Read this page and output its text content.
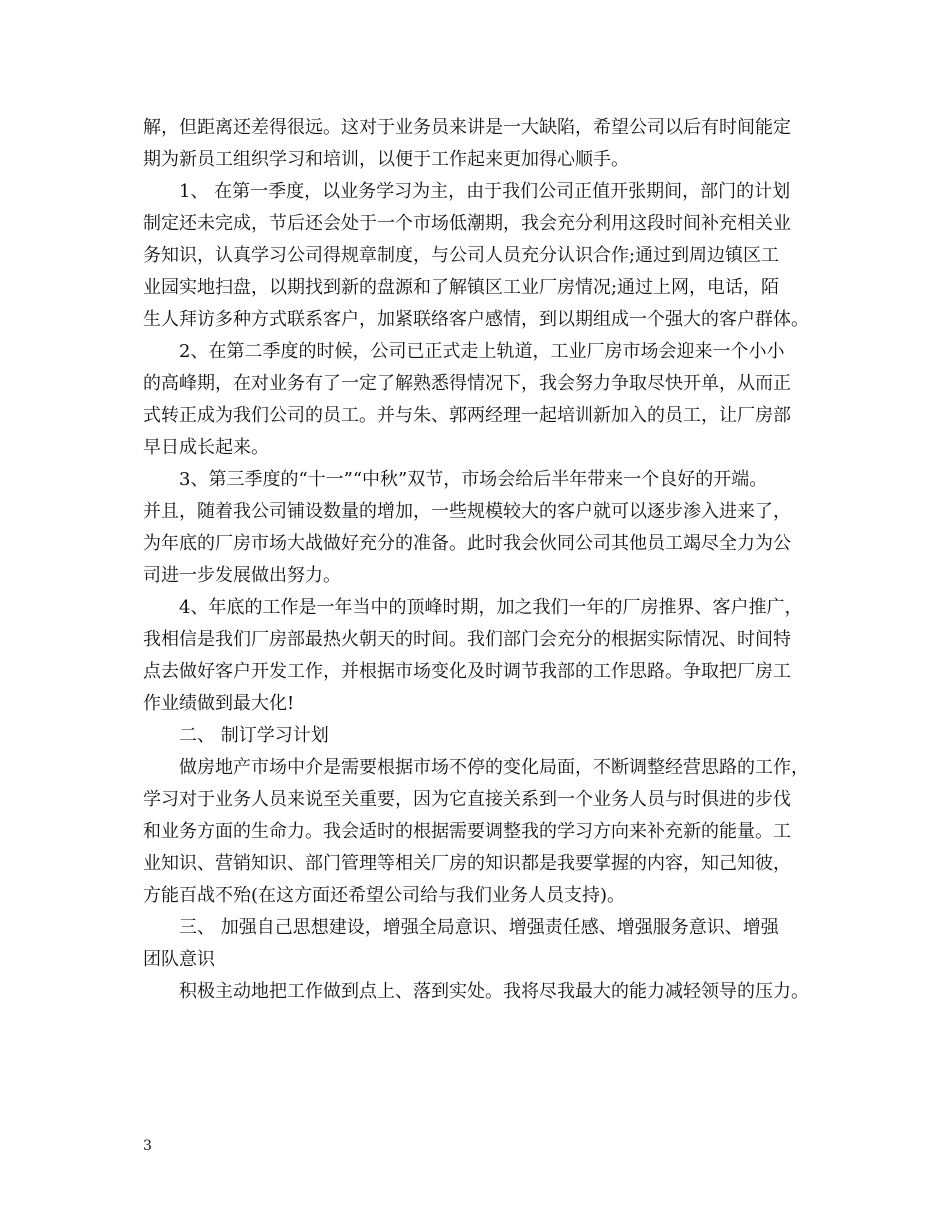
解，但距离还差得很远。这对于业务员来讲是一大缺陷，希望公司以后有时间能定
期为新员工组织学习和培训，以便于工作起来更加得心顺手。
1、 在第一季度，以业务学习为主，由于我们公司正值开张期间，部门的计划
制定还未完成，节后还会处于一个市场低潮期，我会充分利用这段时间补充相关业
务知识，认真学习公司得规章制度，与公司人员充分认识合作;通过到周边镇区工
业园实地扫盘，以期找到新的盘源和了解镇区工业厂房情况;通过上网，电话，陌
生人拜访多种方式联系客户，加紧联络客户感情，到以期组成一个强大的客户群体。
2、在第二季度的时候，公司已正式走上轨道，工业厂房市场会迎来一个小小
的高峰期，在对业务有了一定了解熟悉得情况下，我会努力争取尽快开单，从而正
式转正成为我们公司的员工。并与朱、郭两经理一起培训新加入的员工，让厂房部
早日成长起来。
3、第三季度的“十一”“中秋”双节，市场会给后半年带来一个良好的开端。
并且，随着我公司铺设数量的增加，一些规模较大的客户就可以逐步渗入进来了，
为年底的厂房市场大战做好充分的准备。此时我会伙同公司其他员工竭尽全力为公
司进一步发展做出努力。
4、年底的工作是一年当中的顶峰时期，加之我们一年的厂房推界、客户推广，
我相信是我们厂房部最热火朝天的时间。我们部门会充分的根据实际情况、时间特
点去做好客户开发工作，并根据市场变化及时调节我部的工作思路。争取把厂房工
作业绩做到最大化!
二、 制订学习计划
做房地产市场中介是需要根据市场不停的变化局面，不断调整经营思路的工作，
学习对于业务人员来说至关重要，因为它直接关系到一个业务人员与时俱进的步伐
和业务方面的生命力。我会适时的根据需要调整我的学习方向来补充新的能量。工
业知识、营销知识、部门管理等相关厂房的知识都是我要掌握的内容，知己知彼，
方能百战不殆(在这方面还希望公司给与我们业务人员支持)。
三、 加强自己思想建设，增强全局意识、增强责任感、增强服务意识、增强
团队意识
积极主动地把工作做到点上、落到实处。我将尽我最大的能力减轻领导的压力。
3
